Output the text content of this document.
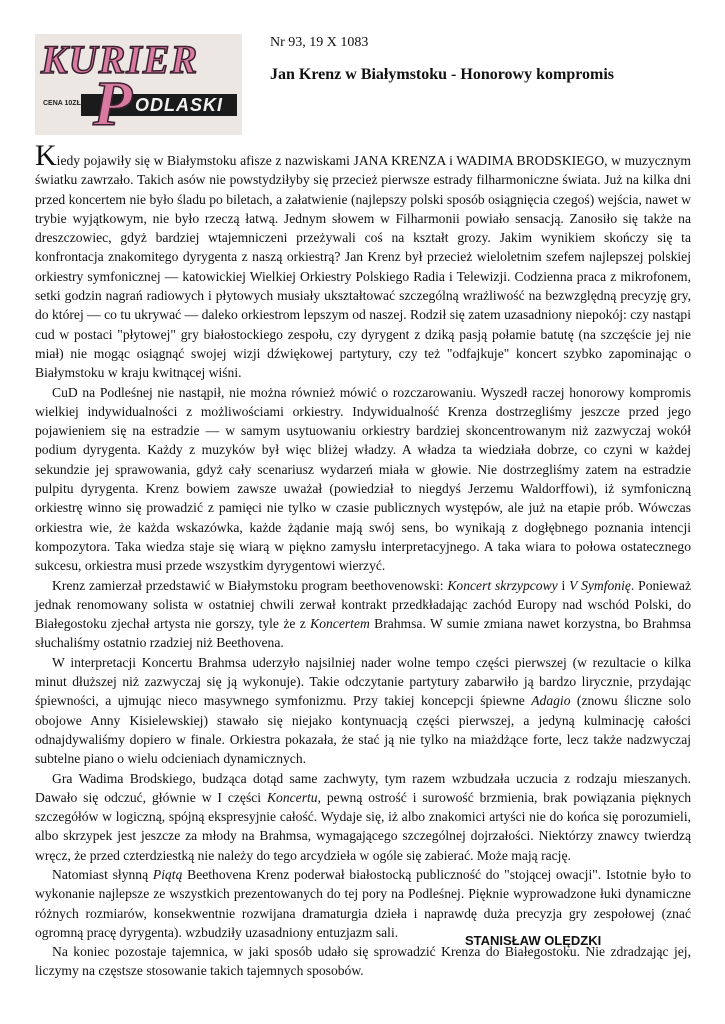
KURIER
P ODLASKI
CENA 10ZŁ
Nr 93, 19 X 1083
Jan Krenz w Białymstoku - Honorowy kompromis

Kiedy pojawiły się w Białymstoku afisze z nazwiskami JANA KRENZA i WADIMA BRODSKIEGO, w muzycznym światku zawrzało. Takich asów nie powstydziłyby się przecież pierwsze estrady filharmoniczne świata. Już na kilka dni przed koncertem nie było śladu po biletach, a załatwienie (najlepszy polski sposób osiągnięcia czegoś) wejścia, nawet w trybie wyjątkowym, nie było rzeczą łatwą. Jednym słowem w Filharmonii powiało sensacją. Zanosiło się także na dreszczowiec, gdyż bardziej wtajemniczeni przeżywali coś na kształt grozy. Jakim wynikiem skończy się ta konfrontacja znakomitego dyrygenta z naszą orkiestrą? Jan Krenz był przecież wieloletnim szefem najlepszej polskiej orkiestry symfonicznej — katowickiej Wielkiej Orkiestry Polskiego Radia i Telewizji. Codzienna praca z mikrofonem, setki godzin nagrań radiowych i płytowych musiały ukształtować szczególną wrażliwość na bezwzględną precyzję gry, do której — co tu ukrywać — daleko orkiestrom lepszym od naszej. Rodził się zatem uzasadniony niepokój: czy nastąpi cud w postaci "płytowej" gry białostockiego zespołu, czy dyrygent z dziką pasją połamie batutę (na szczęście jej nie miał) nie mogąc osiągnąć swojej wizji dźwiękowej partytury, czy też "odfajkuje" koncert szybko zapominając o Białymstoku w kraju kwitnącej wiśni.

CuD na Podleśnej nie nastąpił, nie można również mówić o rozczarowaniu. Wyszedł raczej honorowy kompromis wielkiej indywidualności z możliwościami orkiestry. Indywidualność Krenza dostrzegliśmy jeszcze przed jego pojawieniem się na estradzie — w samym usytuowaniu orkiestry bardziej skoncentrowanym niż zazwyczaj wokół podium dyrygenta. Każdy z muzyków był więc bliżej władzy. A władza ta wiedziała dobrze, co czyni w każdej sekundzie jej sprawowania, gdyż cały scenariusz wydarzeń miała w głowie. Nie dostrzegliśmy zatem na estradzie pulpitu dyrygenta. Krenz bowiem zawsze uważał (powiedział to niegdyś Jerzemu Waldorffowi), iż symfoniczną orkiestrę winno się prowadzić z pamięci nie tylko w czasie publicznych występów, ale już na etapie prób. Wówczas orkiestra wie, że każda wskazówka, każde żądanie mają swój sens, bo wynikają z dogłębnego poznania intencji kompozytora. Taka wiedza staje się wiarą w piękno zamysłu interpretacyjnego. A taka wiara to połowa ostatecznego sukcesu, orkiestra musi przede wszystkim dyrygentowi wierzyć.

Krenz zamierzał przedstawić w Białymstoku program beethovenowski: Koncert skrzypcowy i V Symfonię. Ponieważ jednak renomowany solista w ostatniej chwili zerwał kontrakt przedkładając zachód Europy nad wschód Polski, do Białegostoku zjechał artysta nie gorszy, tyle że z Koncertem Brahmsa. W sumie zmiana nawet korzystna, bo Brahmsa słuchaliśmy ostatnio rzadziej niż Beethovena.

W interpretacji Koncertu Brahmsa uderzyło najsilniej nader wolne tempo części pierwszej (w rezultacie o kilka minut dłuższej niż zazwyczaj się ją wykonuje). Takie odczytanie partytury zabarwiło ją bardzo lirycznie, przydając śpiewności, a ujmując nieco masywnego symfonizmu. Przy takiej koncepcji śpiewne Adagio (znowu śliczne solo obojowe Anny Kisielewskiej) stawało się niejako kontynuacją części pierwszej, a jedyną kulminację całości odnajdywaliśmy dopiero w finale. Orkiestra pokazała, że stać ją nie tylko na miażdżące forte, lecz także nadzwyczaj subtelne piano o wielu odcieniach dynamicznych.

Gra Wadima Brodskiego, budząca dotąd same zachwyty, tym razem wzbudzała uczucia z rodzaju mieszanych. Dawało się odczuć, głównie w I części Koncertu, pewną ostrość i surowość brzmienia, brak powiązania pięknych szczegółów w logiczną, spójną ekspresyjnie całość. Wydaje się, iż albo znakomici artyści nie do końca się porozumieli, albo skrzypek jest jeszcze za młody na Brahmsa, wymagającego szczególnej dojrzałości. Niektórzy znawcy twierdzą wręcz, że przed czterdziestką nie należy do tego arcydzieła w ogóle się zabierać. Może mają rację.

Natomiast słynną Piątą Beethovena Krenz poderwał białostocką publiczność do "stojącej owacji". Istotnie było to wykonanie najlepsze ze wszystkich prezentowanych do tej pory na Podleśnej. Pięknie wyprowadzone łuki dynamiczne różnych rozmiarów, konsekwentnie rozwijana dramaturgia dzieła i naprawdę duża precyzja gry zespołowej (znać ogromną pracę dyrygenta). wzbudziły uzasadniony entuzjazm sali.

Na koniec pozostaje tajemnica, w jaki sposób udało się sprowadzić Krenza do Białegostoku. Nie zdradzając jej, liczymy na częstsze stosowanie takich tajemnych sposobów.

STANISŁAW OLĘDZKI
